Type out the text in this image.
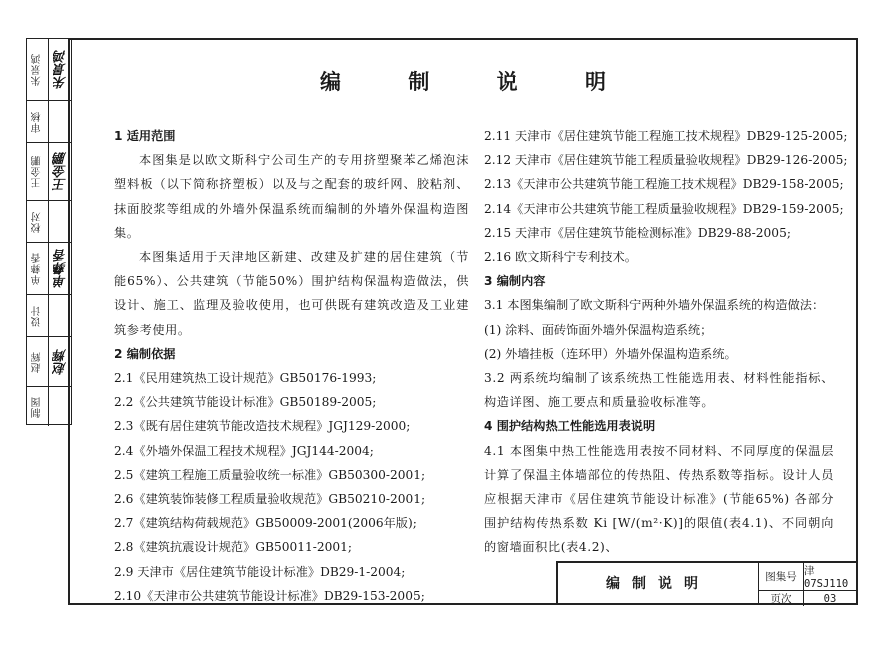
朱景鸿 朱景鸿
审核
王金鹏 王金鹏
校对
单彝香 单彝香
设计
赵辉 赵辉
制图
编 制 说 明
1 适用范围
本图集是以欧文斯科宁公司生产的专用挤塑聚苯乙烯泡沫塑料板（以下简称挤塑板）以及与之配套的玻纤网、胶粘剂、抹面胶浆等组成的外墙外保温系统而编制的外墙外保温构造图集。
本图集适用于天津地区新建、改建及扩建的居住建筑（节能65%）、公共建筑（节能50%）围护结构保温构造做法，供设计、施工、监理及验收使用，也可供既有建筑改造及工业建筑参考使用。
2 编制依据
2.1《民用建筑热工设计规范》GB50176-1993;
2.2《公共建筑节能设计标准》GB50189-2005;
2.3《既有居住建筑节能改造技术规程》JGJ129-2000;
2.4《外墙外保温工程技术规程》JGJ144-2004;
2.5《建筑工程施工质量验收统一标准》GB50300-2001;
2.6《建筑装饰装修工程质量验收规范》GB50210-2001;
2.7《建筑结构荷载规范》GB50009-2001(2006年版);
2.8《建筑抗震设计规范》GB50011-2001;
2.9 天津市《居住建筑节能设计标准》DB29-1-2004;
2.10《天津市公共建筑节能设计标准》DB29-153-2005;
2.11 天津市《居住建筑节能工程施工技术规程》DB29-125-2005;
2.12 天津市《居住建筑节能工程质量验收规程》DB29-126-2005;
2.13《天津市公共建筑节能工程施工技术规程》DB29-158-2005;
2.14《天津市公共建筑节能工程质量验收规程》DB29-159-2005;
2.15 天津市《居住建筑节能检测标准》DB29-88-2005;
2.16 欧文斯科宁专利技术。
3 编制内容
3.1 本图集编制了欧文斯科宁两种外墙外保温系统的构造做法：
(1) 涂料、面砖饰面外墙外保温构造系统；
(2) 外墙挂板（连环甲）外墙外保温构造系统。
3.2 两系统均编制了该系统热工性能选用表、材料性能指标、构造详图、施工要点和质量验收标准等。
4 围护结构热工性能选用表说明
4.1 本图集中热工性能选用表按不同材料、不同厚度的保温层计算了保温主体墙部位的传热阻、传热系数等指标。设计人员应根据天津市《居住建筑节能设计标准》(节能65%) 各部分围护结构传热系数 Ki [W/(m²·K)]的限值(表4.1)、不同朝向的窗墙面积比(表4.2)、
编制说明	图集号 津07SJ110
页次	03
